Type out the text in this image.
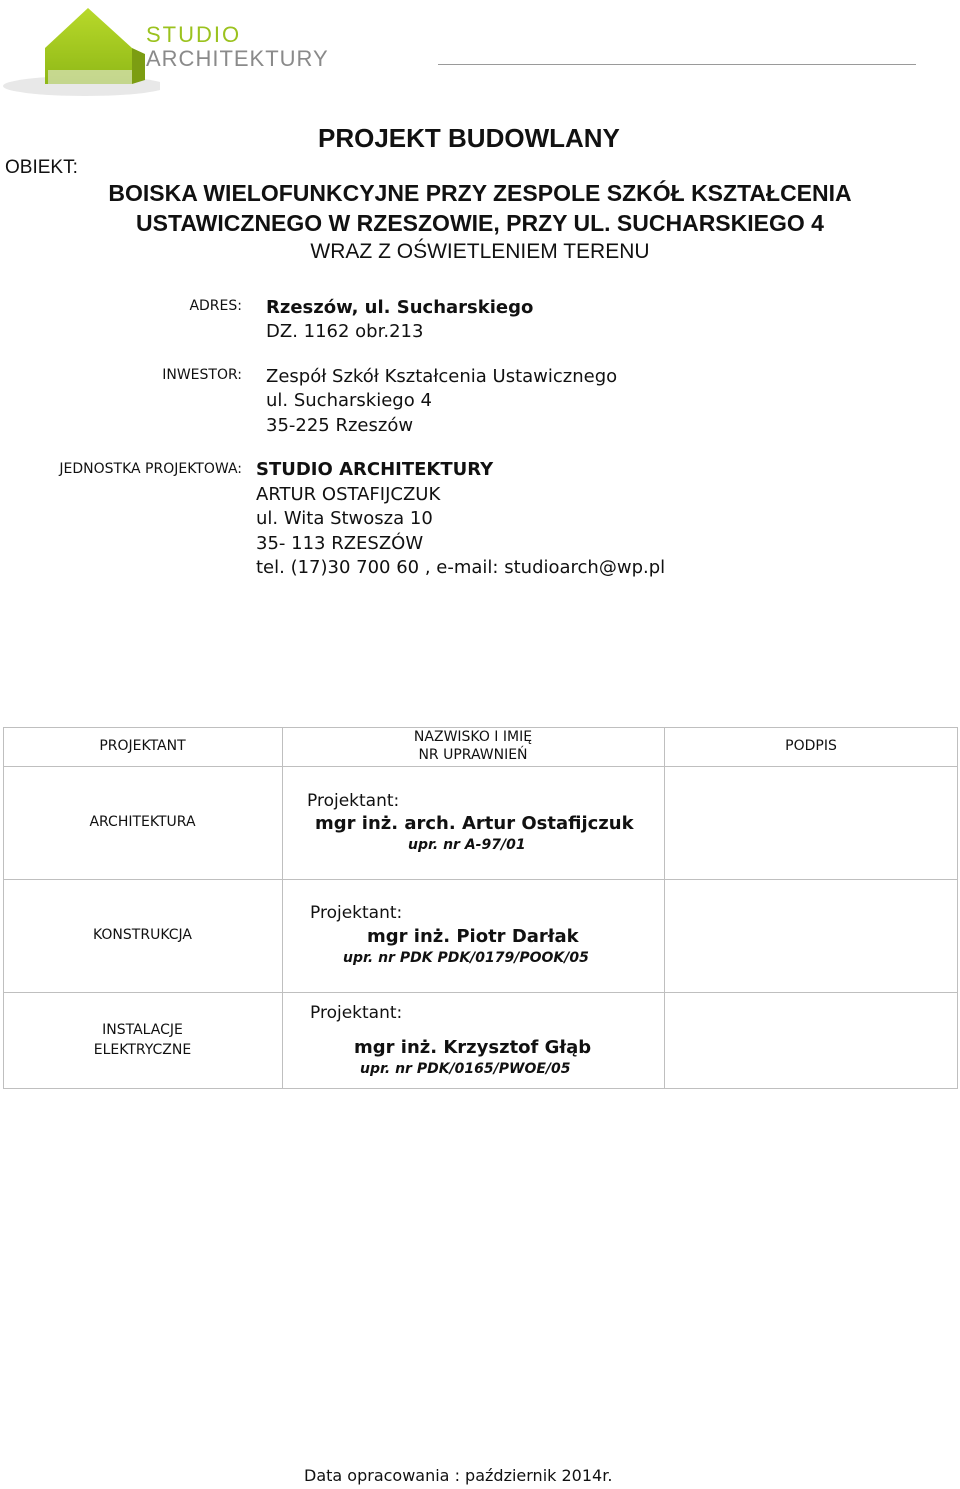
STUDIO
ARCHITEKTURY
PROJEKT BUDOWLANY
OBIEKT:
BOISKA WIELOFUNKCYJNE PRZY ZESPOLE SZKÓŁ KSZTAŁCENIA
USTAWICZNEGO W RZESZOWIE, PRZY UL. SUCHARSKIEGO 4
WRAZ Z OŚWIETLENIEM TERENU
ADRES: Rzeszów, ul. Sucharskiego
DZ. 1162 obr.213
INWESTOR: Zespół Szkół Kształcenia Ustawicznego
ul. Sucharskiego 4
35-225 Rzeszów
JEDNOSTKA PROJEKTOWA: STUDIO ARCHITEKTURY
ARTUR OSTAFIJCZUK
ul. Wita Stwosza 10
35- 113 RZESZÓW
tel. (17)30 700 60 , e-mail: studioarch@wp.pl
PROJEKTANT
NAZWISKO I IMIĘ
NR UPRAWNIEŃ
PODPIS
ARCHITEKTURA
Projektant:
mgr inż. arch. Artur Ostafijczuk
upr. nr A-97/01
KONSTRUKCJA
Projektant:
mgr inż. Piotr Darłak
upr. nr PDK PDK/0179/POOK/05
INSTALACJE
ELEKTRYCZNE
Projektant:
mgr inż. Krzysztof Głąb
upr. nr PDK/0165/PWOE/05
Data opracowania : październik 2014r.
